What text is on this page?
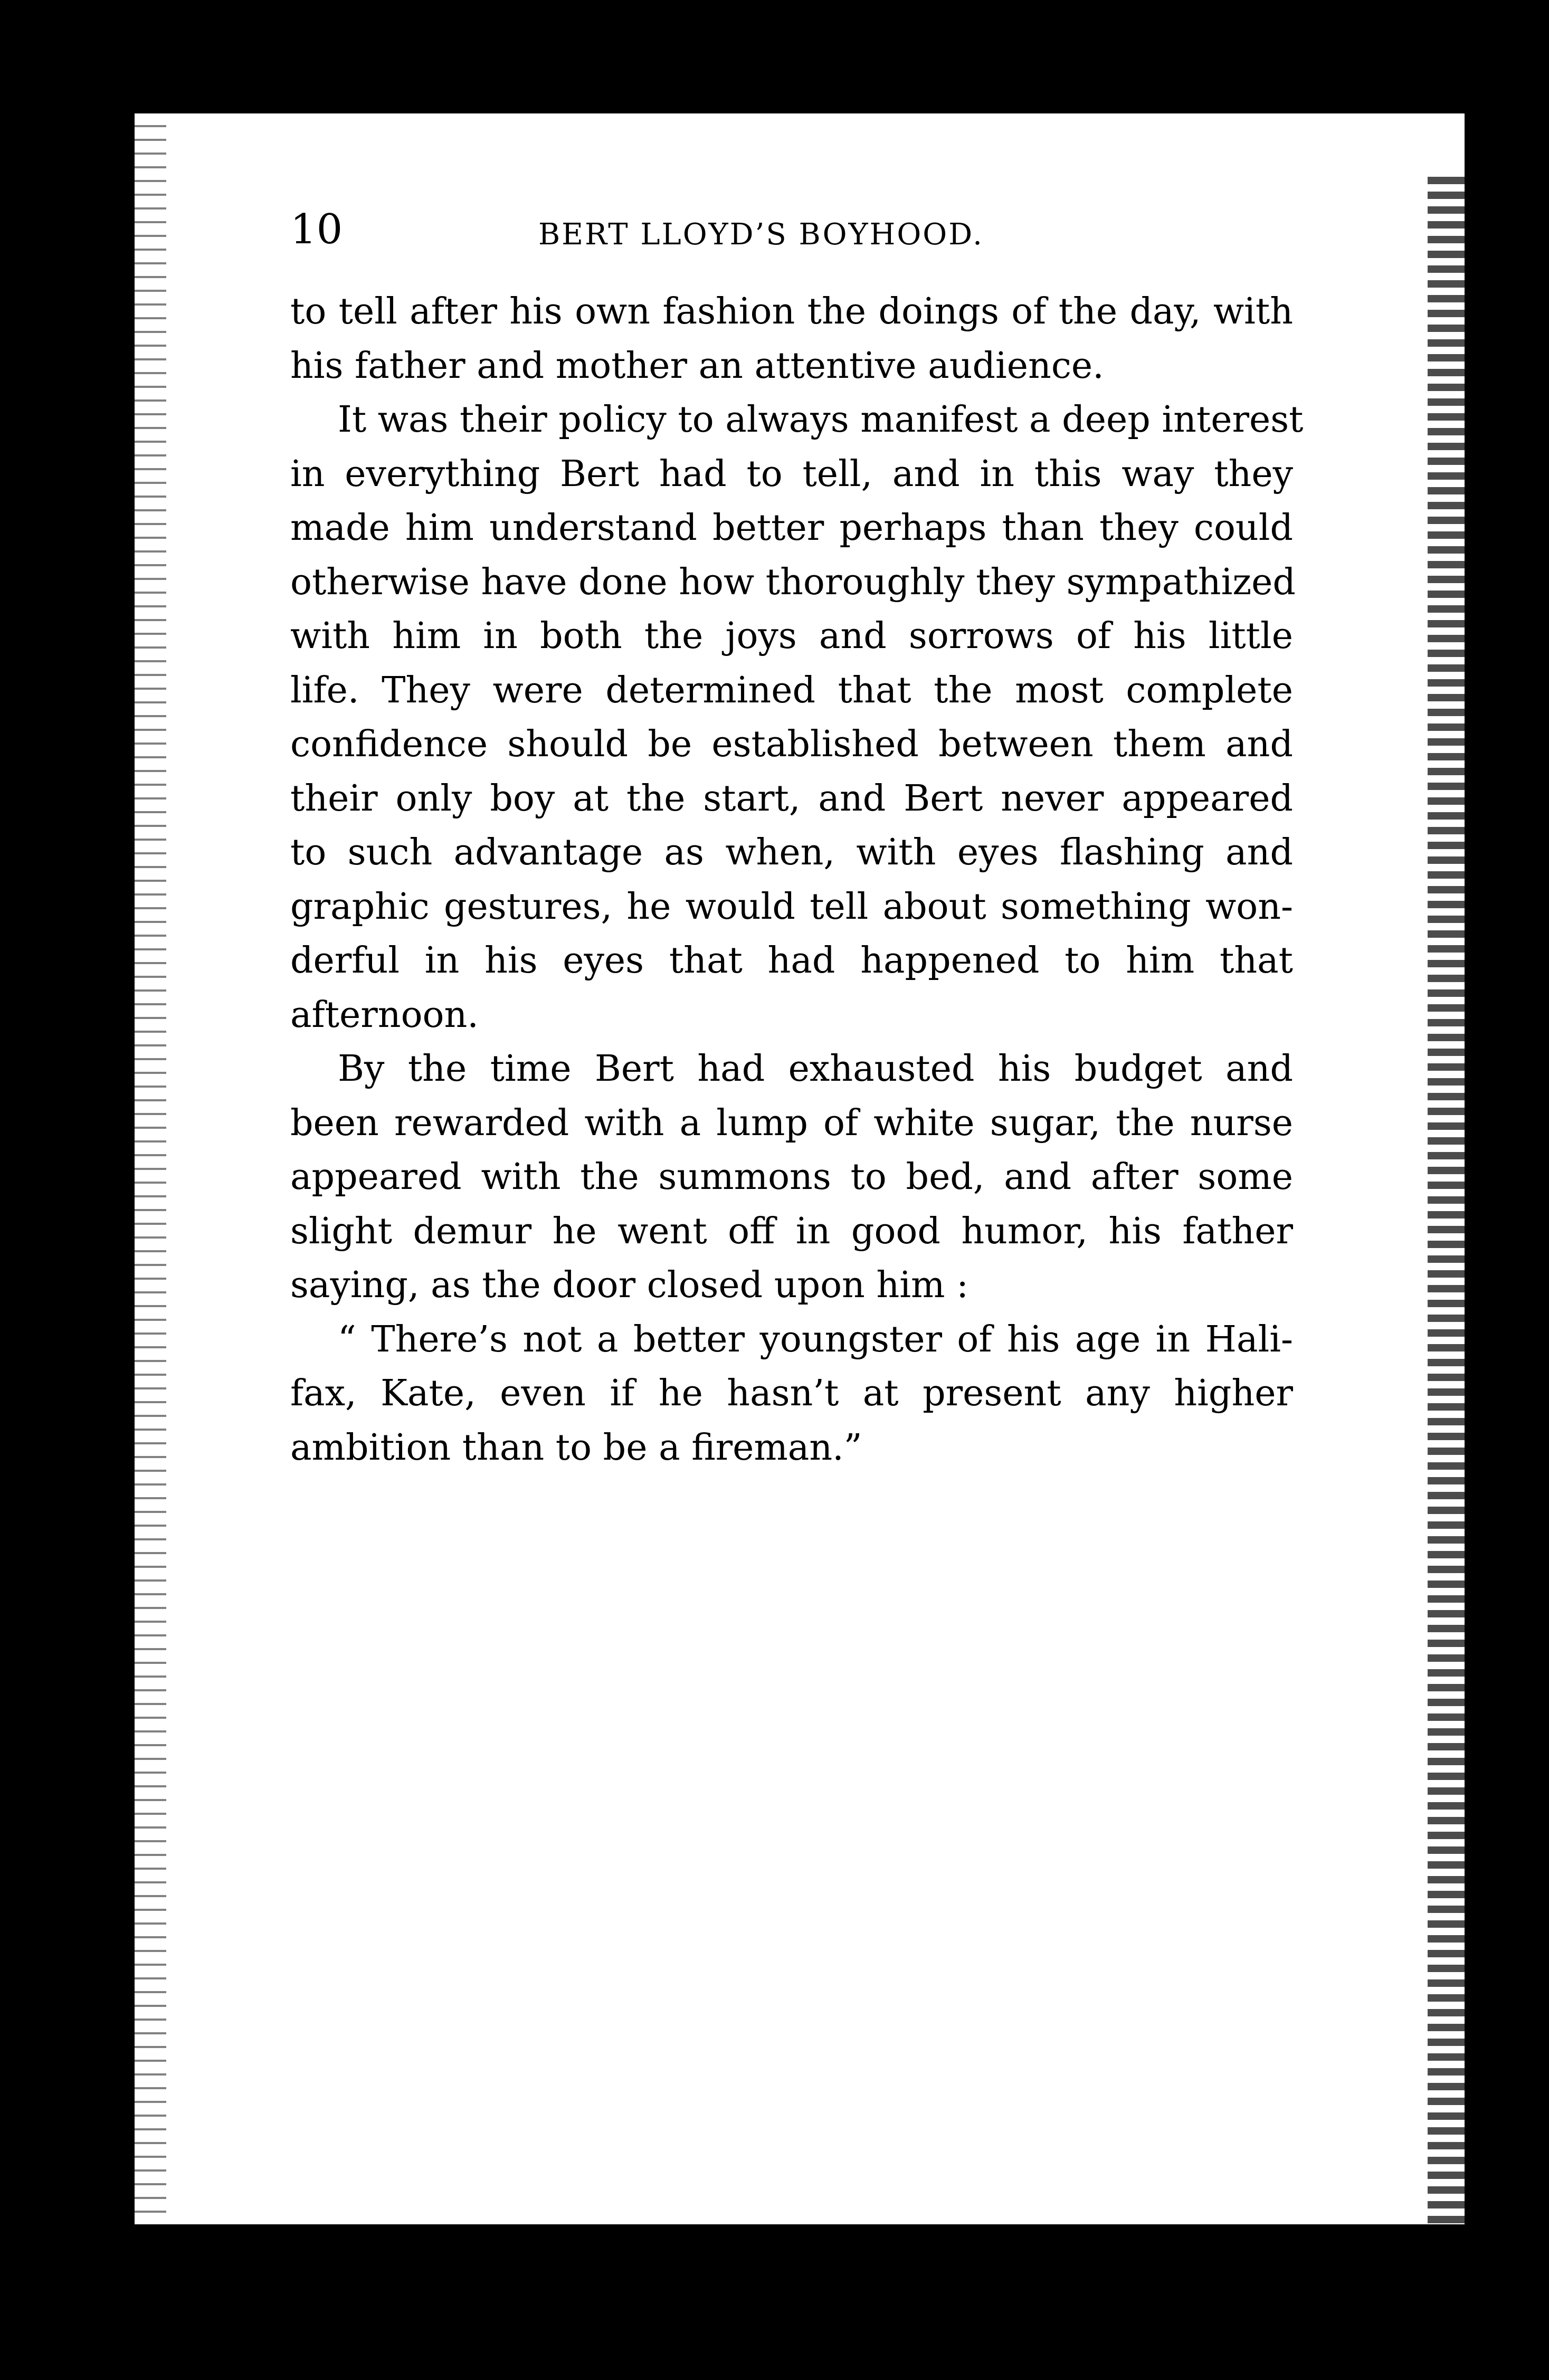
10	BERT LLOYD’S BOYHOOD.
to tell after his own fashion the doings of the day, with
his father and mother an attentive audience.
It was their policy to always manifest a deep interest
in everything Bert had to tell, and in this way they
made him understand better perhaps than they could
otherwise have done how thoroughly they sympathized
with him in both the joys and sorrows of his little
life. They were determined that the most complete
confidence should be established between them and
their only boy at the start, and Bert never appeared
to such advantage as when, with eyes flashing and
graphic gestures, he would tell about something won-
derful in his eyes that had happened to him that
afternoon.
By the time Bert had exhausted his budget and
been rewarded with a lump of white sugar, the nurse
appeared with the summons to bed, and after some
slight demur he went off in good humor, his father
saying, as the door closed upon him :
“ There’s not a better youngster of his age in Hali-
fax, Kate, even if he hasn’t at present any higher
ambition than to be a fireman.”
